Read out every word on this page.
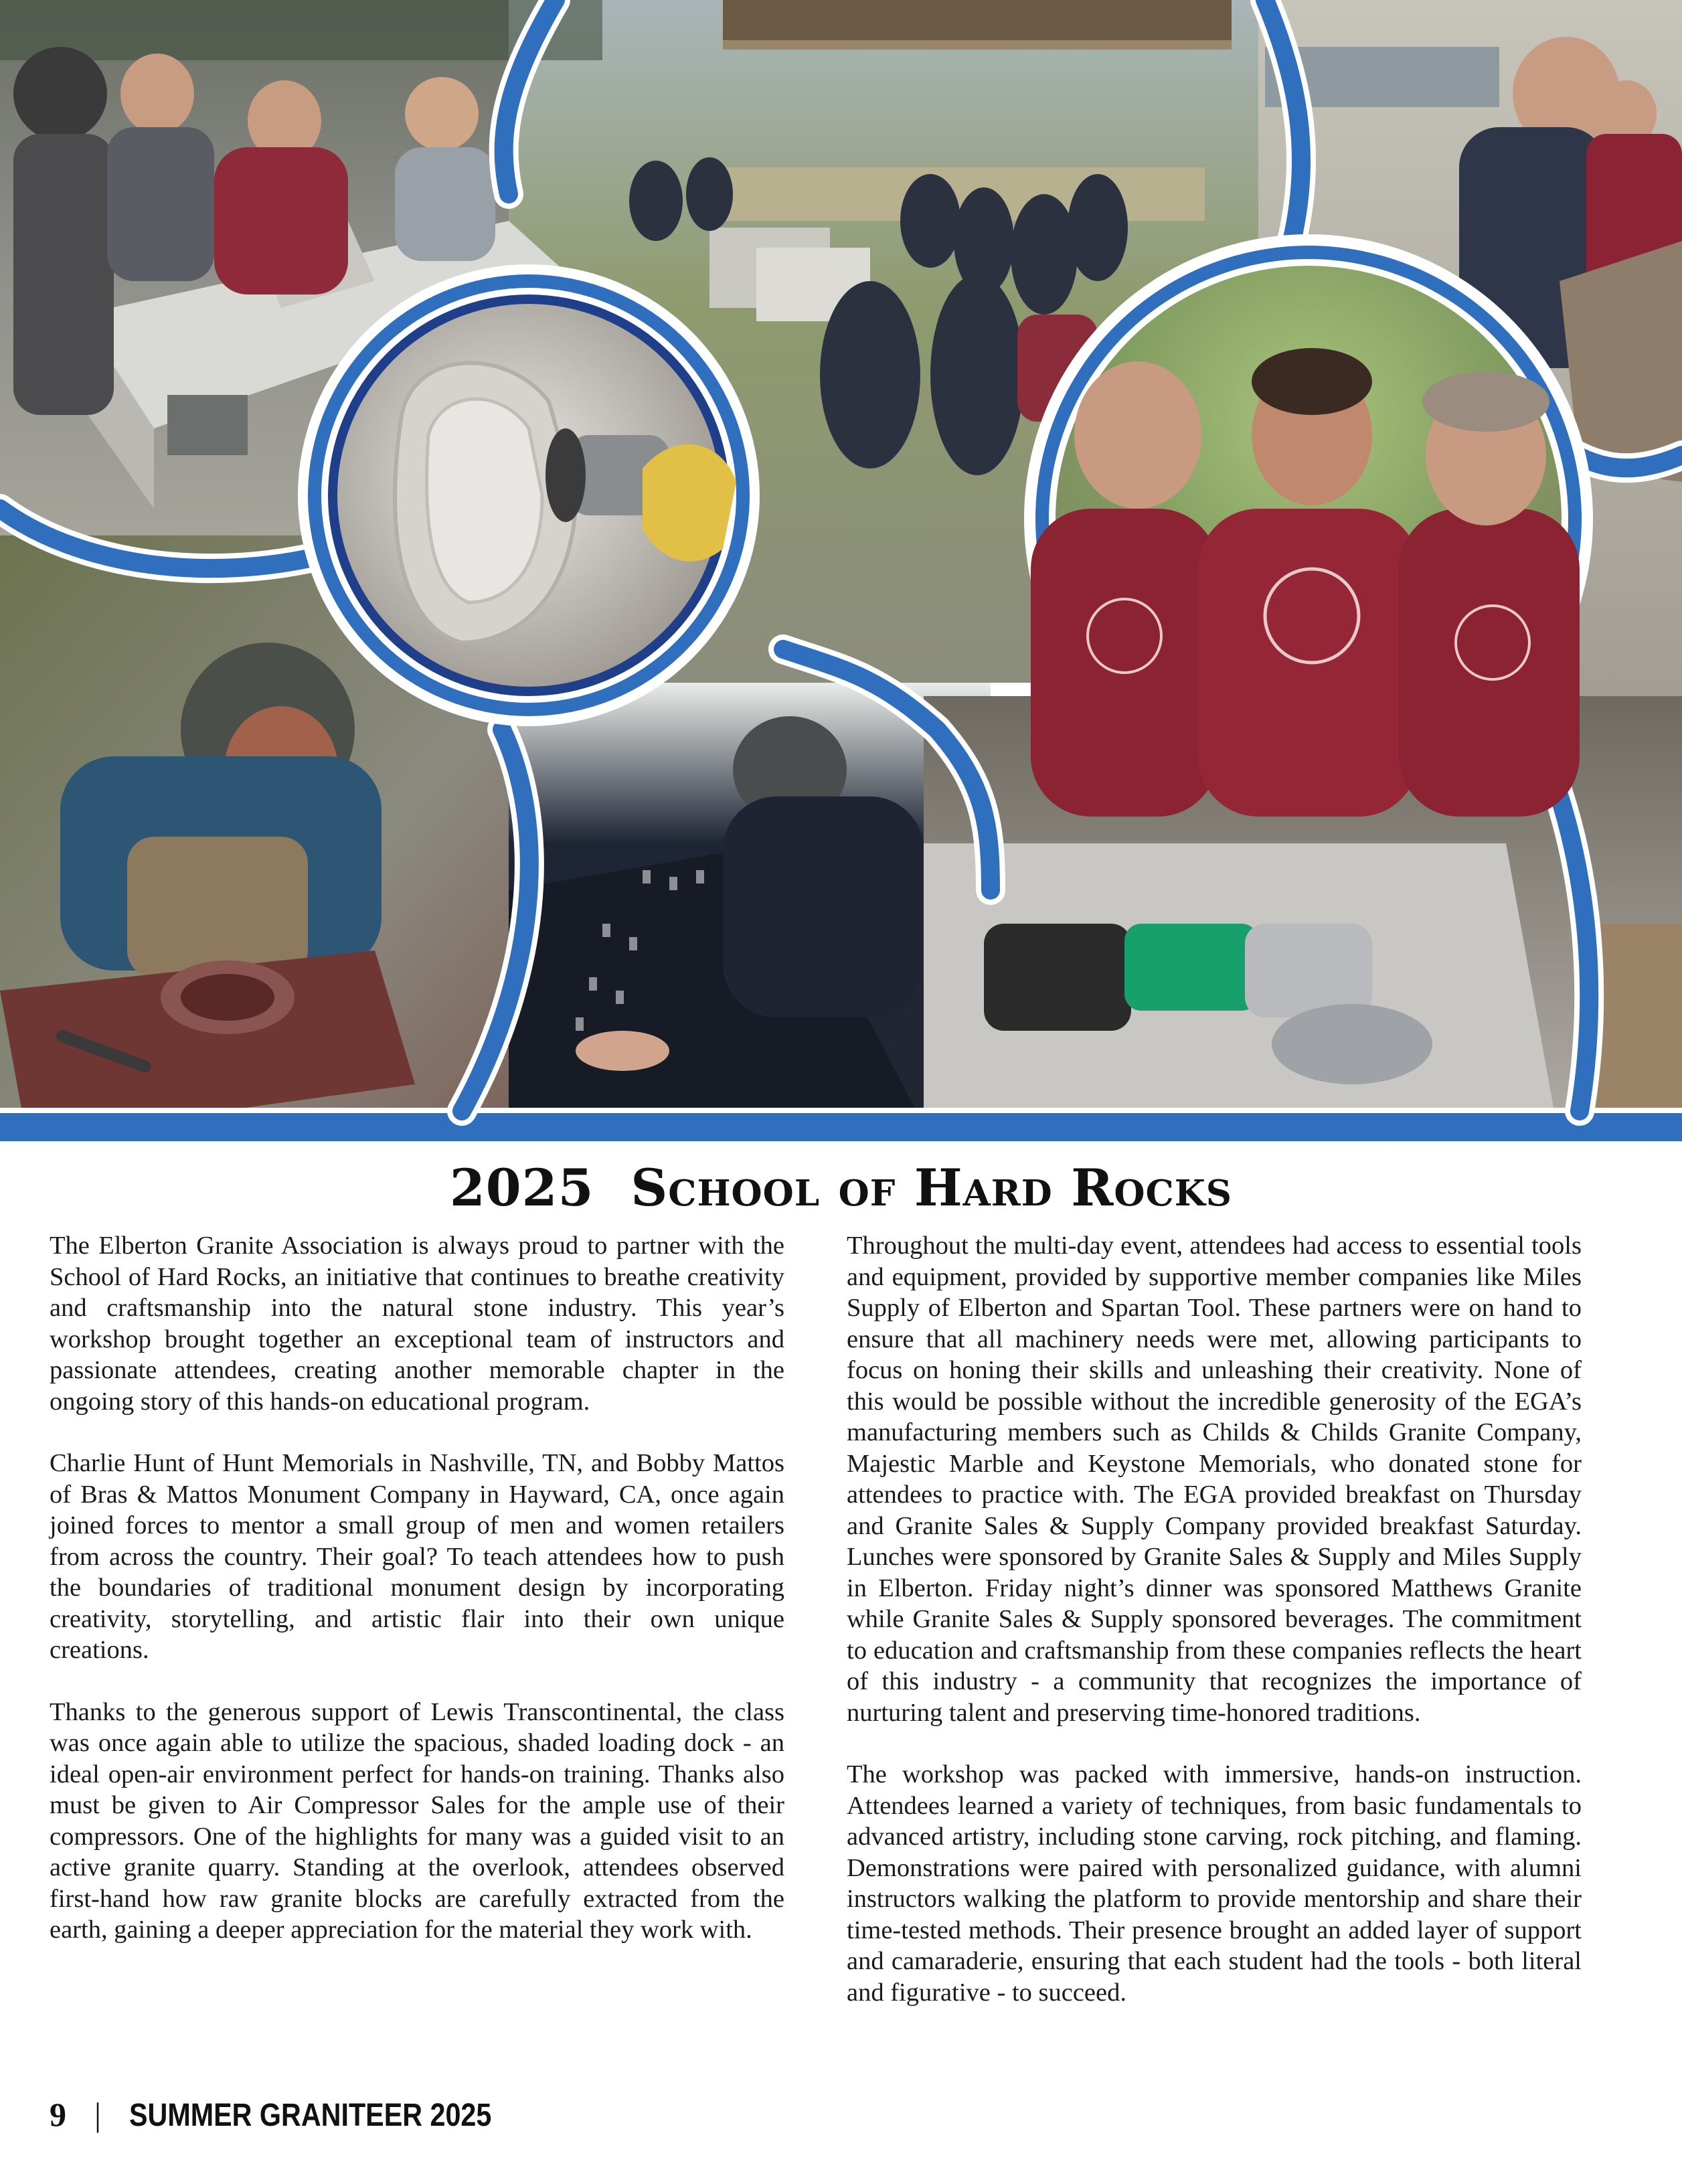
2025 School of Hard Rocks

The Elberton Granite Association is always proud to partner with the School of Hard Rocks, an initiative that continues to breathe creativity and craftsmanship into the natural stone industry. This year’s workshop brought together an exceptional team of instructors and passionate attendees, creating another memorable chapter in the ongoing story of this hands-on educational program.

Charlie Hunt of Hunt Memorials in Nashville, TN, and Bobby Mattos of Bras & Mattos Monument Company in Hayward, CA, once again joined forces to mentor a small group of men and women retailers from across the country. Their goal? To teach attendees how to push the boundaries of traditional monument design by incorporating creativity, storytelling, and artistic flair into their own unique creations.

Thanks to the generous support of Lewis Transcontinental, the class was once again able to utilize the spacious, shaded loading dock - an ideal open-air environment perfect for hands-on training. Thanks also must be given to Air Compressor Sales for the ample use of their compressors. One of the highlights for many was a guided visit to an active granite quarry. Standing at the overlook, attendees observed first-hand how raw granite blocks are carefully extracted from the earth, gaining a deeper appreciation for the material they work with.

Throughout the multi-day event, attendees had access to essential tools and equipment, provided by supportive member companies like Miles Supply of Elberton and Spartan Tool. These partners were on hand to ensure that all machinery needs were met, allowing participants to focus on honing their skills and unleashing their creativity. None of this would be possible without the incredible generosity of the EGA’s manufacturing members such as Childs & Childs Granite Company, Majestic Marble and Keystone Memorials, who donated stone for attendees to practice with. The EGA provided breakfast on Thursday and Granite Sales & Supply Company provided breakfast Saturday. Lunches were sponsored by Granite Sales & Supply and Miles Supply in Elberton. Friday night’s dinner was sponsored Matthews Granite while Granite Sales & Supply sponsored beverages. The commitment to education and craftsmanship from these companies reflects the heart of this industry - a community that recognizes the importance of nurturing talent and preserving time-honored traditions.

The workshop was packed with immersive, hands-on instruction. Attendees learned a variety of techniques, from basic fundamentals to advanced artistry, including stone carving, rock pitching, and flaming. Demonstrations were paired with personalized guidance, with alumni instructors walking the platform to provide mentorship and share their time-tested methods. Their presence brought an added layer of support and camaraderie, ensuring that each student had the tools - both literal and figurative - to succeed.

9 | SUMMER GRANITEER 2025
